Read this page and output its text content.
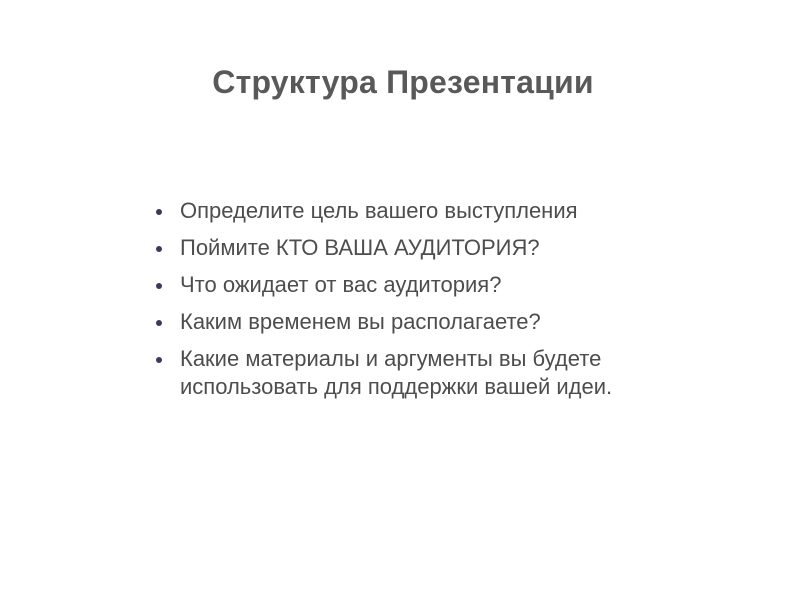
Структура Презентации
Определите цель вашего выступления
Поймите КТО ВАША АУДИТОРИЯ?
Что ожидает от вас аудитория?
Каким временем вы располагаете?
Какие материалы и аргументы вы будете использовать для поддержки вашей идеи.
